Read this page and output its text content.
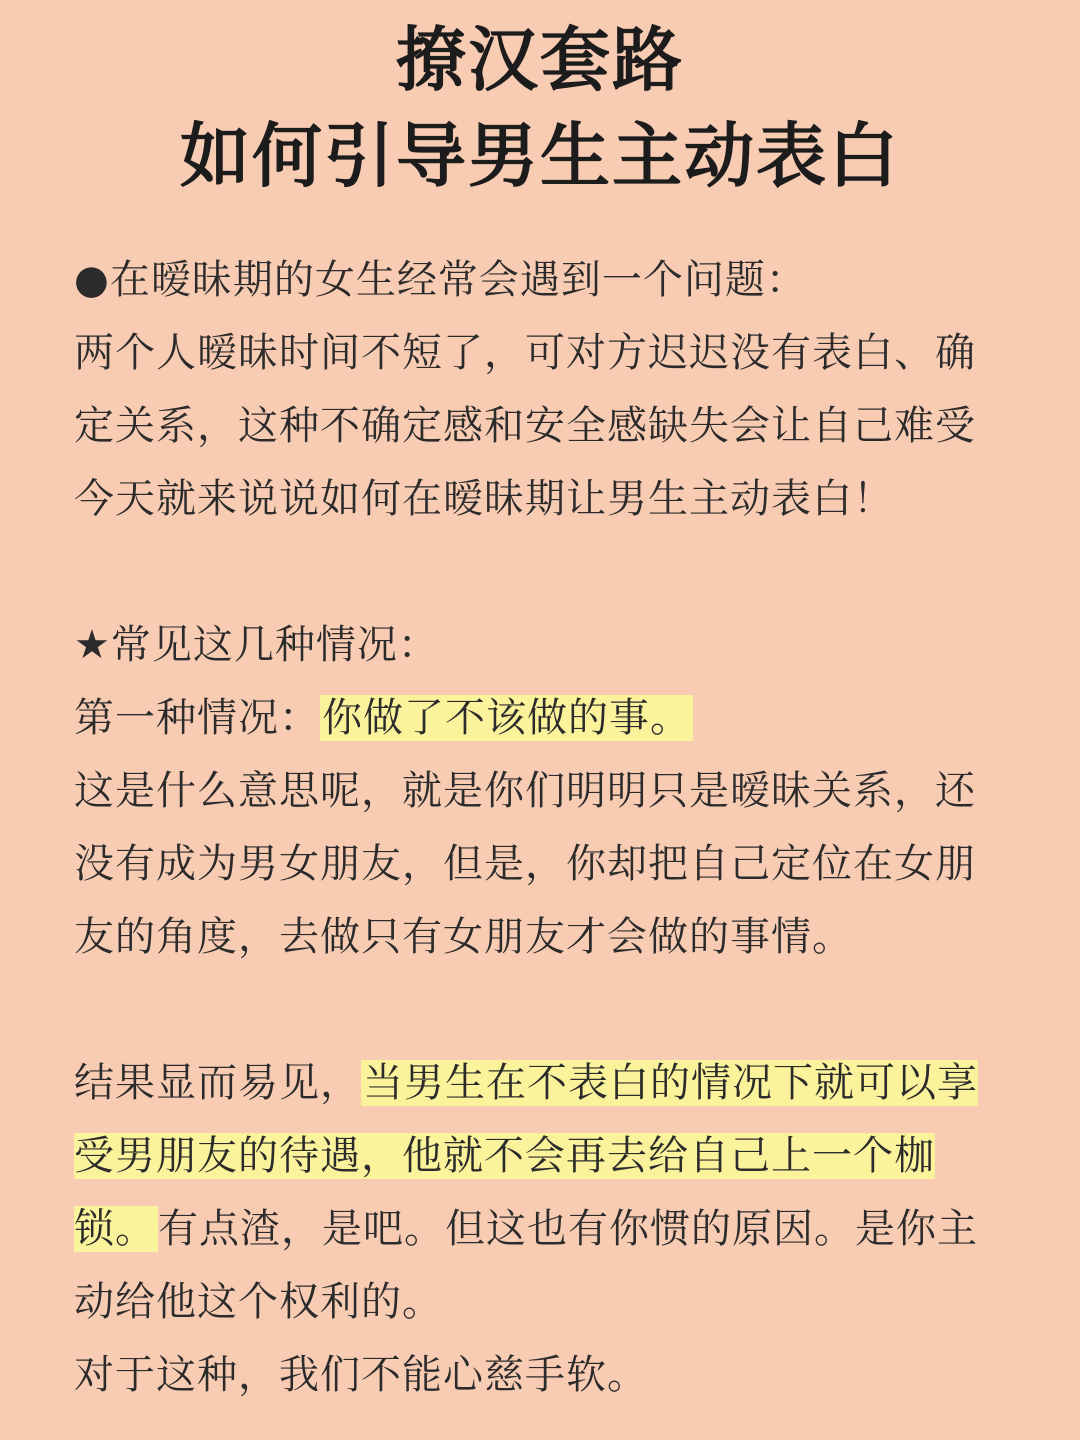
撩汉套路
如何引导男生主动表白

●在暧昧期的女生经常会遇到一个问题：

两个人暧昧时间不短了，可对方迟迟没有表白、确定关系，这种不确定感和安全感缺失会让自己难受

今天就来说说如何在暧昧期让男生主动表白！

★常见这几种情况：

第一种情况：你做了不该做的事。

这是什么意思呢，就是你们明明只是暧昧关系，还没有成为男女朋友，但是，你却把自己定位在女朋友的角度，去做只有女朋友才会做的事情。

结果显而易见，当男生在不表白的情况下就可以享受男朋友的待遇，他就不会再去给自己上一个枷锁。有点渣，是吧。但这也有你惯的原因。是你主动给他这个权利的。

对于这种，我们不能心慈手软。
